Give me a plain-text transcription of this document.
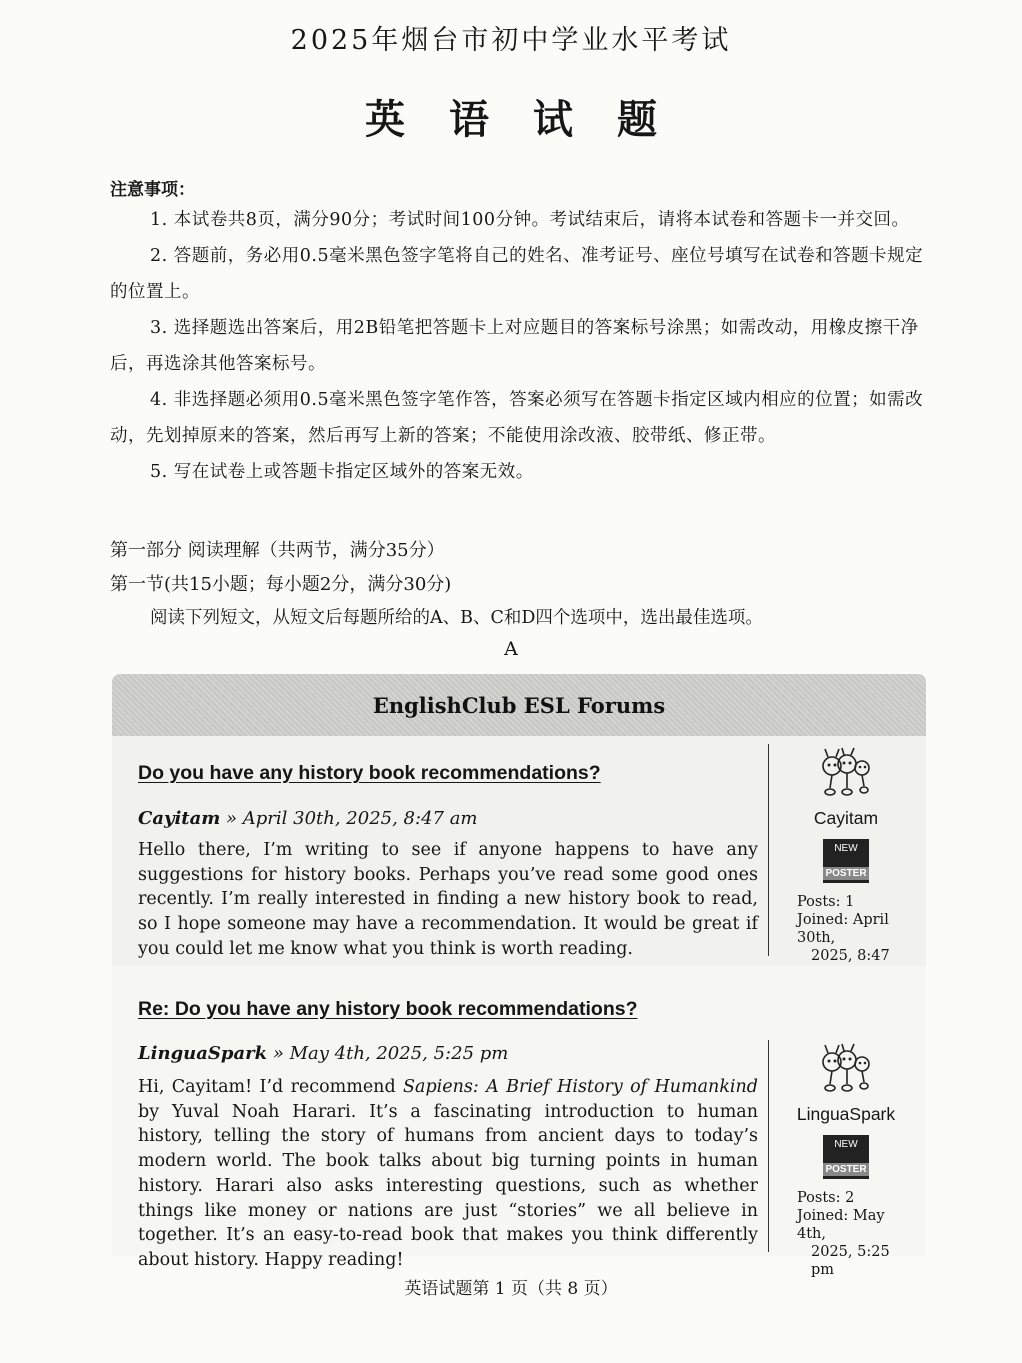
2025年烟台市初中学业水平考试
英语试题
注意事项：

1. 本试卷共8页，满分90分；考试时间100分钟。考试结束后，请将本试卷和答题卡一并交回。

2. 答题前，务必用0.5毫米黑色签字笔将自己的姓名、准考证号、座位号填写在试卷和答题卡规定的位置上。

3. 选择题选出答案后，用2B铅笔把答题卡上对应题目的答案标号涂黑；如需改动，用橡皮擦干净后，再选涂其他答案标号。

4. 非选择题必须用0.5毫米黑色签字笔作答，答案必须写在答题卡指定区域内相应的位置；如需改动，先划掉原来的答案，然后再写上新的答案；不能使用涂改液、胶带纸、修正带。

5. 写在试卷上或答题卡指定区域外的答案无效。

第一部分 阅读理解（共两节，满分35分）
第一节(共15小题；每小题2分，满分30分)
阅读下列短文，从短文后每题所给的A、B、C和D四个选项中，选出最佳选项。
A
EnglishClub ESL Forums
Do you have any history book recommendations?
Cayitam » April 30th, 2025, 8:47 am
Hello there, I’m writing to see if anyone happens to have any suggestions for history books. Perhaps you’ve read some good ones recently. I’m really interested in finding a new history book to read, so I hope someone may have a recommendation. It would be great if you could let me know what you think is worth reading.
Cayitam
NEW
POSTER
Posts: 1
Joined: April 30th,
2025, 8:47
Re: Do you have any history book recommendations?
LinguaSpark » May 4th, 2025, 5:25 pm
Hi, Cayitam! I’d recommend Sapiens: A Brief History of Humankind by Yuval Noah Harari. It’s a fascinating introduction to human history, telling the story of humans from ancient days to today’s modern world. The book talks about big turning points in human history. Harari also asks interesting questions, such as whether things like money or nations are just “stories” we all believe in together. It’s an easy-to-read book that makes you think differently about history. Happy reading!
LinguaSpark
NEW
POSTER
Posts: 2
Joined: May 4th,
2025, 5:25 pm
英语试题第 1 页（共 8 页）
